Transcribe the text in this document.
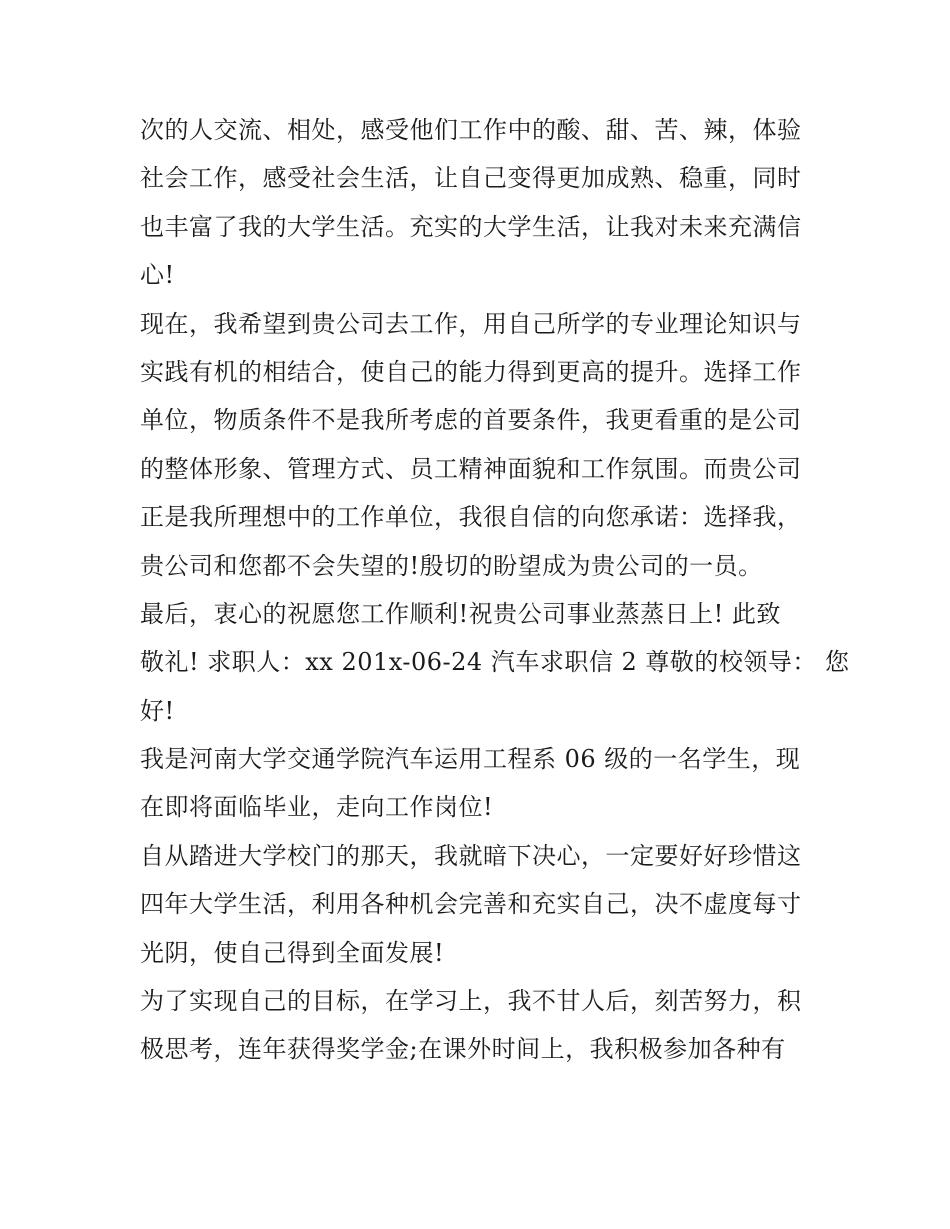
次的人交流、相处，感受他们工作中的酸、甜、苦、辣，体验
社会工作，感受社会生活，让自己变得更加成熟、稳重，同时
也丰富了我的大学生活。充实的大学生活，让我对未来充满信
心!
现在，我希望到贵公司去工作，用自己所学的专业理论知识与
实践有机的相结合，使自己的能力得到更高的提升。选择工作
单位，物质条件不是我所考虑的首要条件，我更看重的是公司
的整体形象、管理方式、员工精神面貌和工作氛围。而贵公司
正是我所理想中的工作单位，我很自信的向您承诺：选择我，
贵公司和您都不会失望的!殷切的盼望成为贵公司的一员。
最后，衷心的祝愿您工作顺利!祝贵公司事业蒸蒸日上! 此致
敬礼! 求职人：xx 201x-06-24 汽车求职信 2 尊敬的校领导： 您
好!
我是河南大学交通学院汽车运用工程系 06 级的一名学生，现
在即将面临毕业，走向工作岗位!
自从踏进大学校门的那天，我就暗下决心，一定要好好珍惜这
四年大学生活，利用各种机会完善和充实自己，决不虚度每寸
光阴，使自己得到全面发展!
为了实现自己的目标，在学习上，我不甘人后，刻苦努力，积
极思考，连年获得奖学金;在课外时间上，我积极参加各种有
